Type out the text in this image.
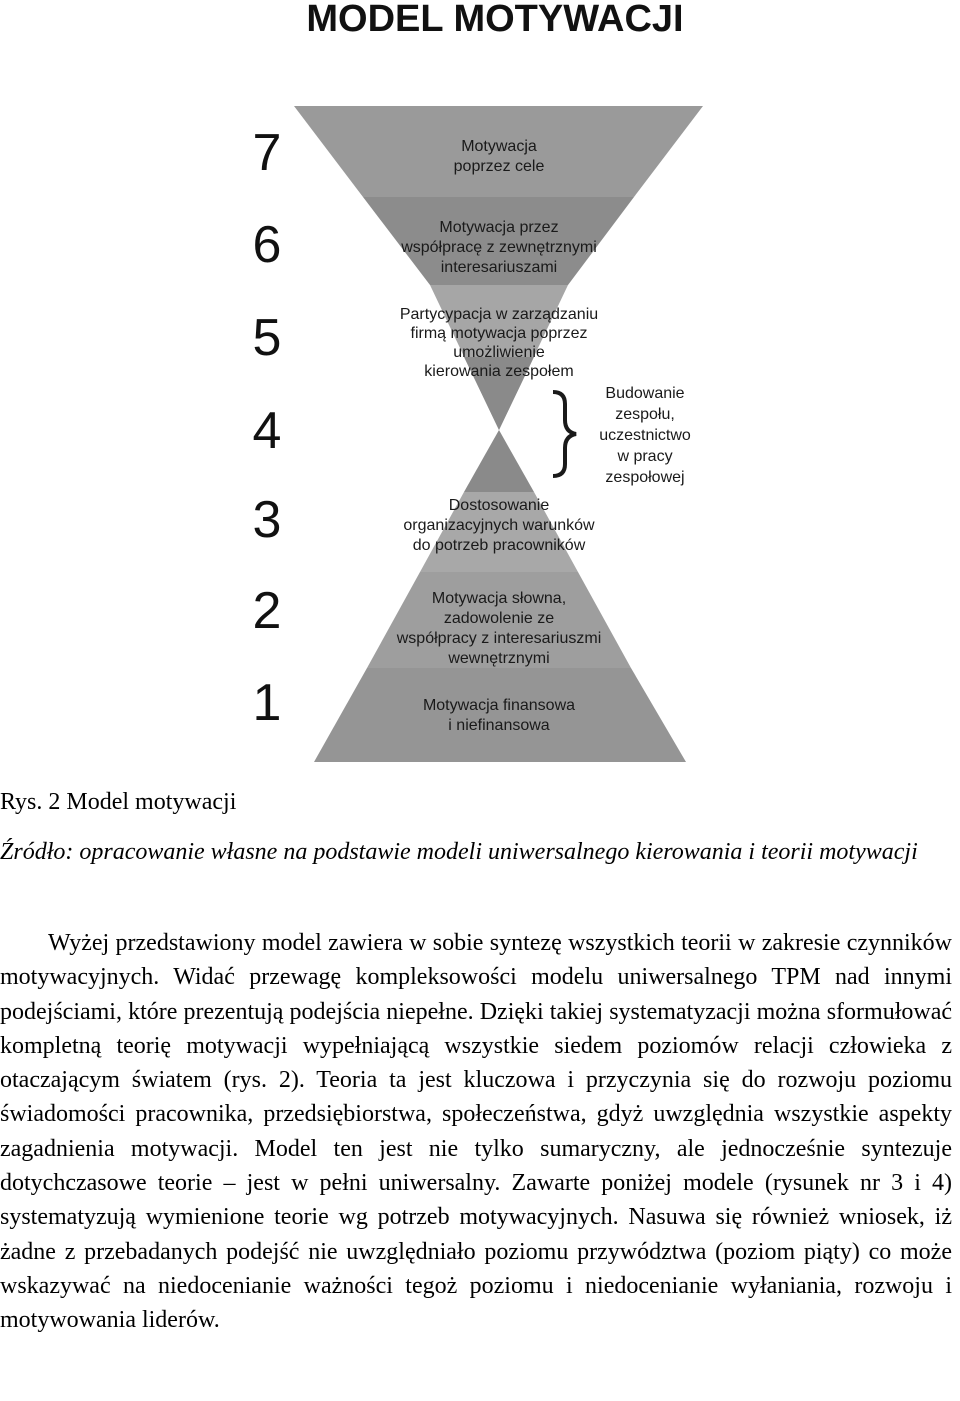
MODEL MOTYWACJI
7
6
5
4
3
2
1
Motywacja
poprzez cele
Motywacja przez
współpracę z zewnętrznymi
interesariuszami
Partycypacja w zarządzaniu
firmą motywacja poprzez
umożliwienie
kierowania zespołem
Dostosowanie
organizacyjnych warunków
do potrzeb pracowników
Motywacja słowna,
zadowolenie ze
współpracy z interesariuszmi
wewnętrznymi
Motywacja finansowa
i niefinansowa
Budowanie
zespołu,
uczestnictwo
w pracy
zespołowej
Rys. 2 Model motywacji
Źródło: opracowanie własne na podstawie modeli uniwersalnego kierowania i teorii motywacji

Wyżej przedstawiony model zawiera w sobie syntezę wszystkich teorii w zakresie czynników motywacyjnych. Widać przewagę kompleksowości modelu uniwersalnego TPM nad innymi podejściami, które prezentują podejścia niepełne. Dzięki takiej systematyzacji można sformułować kompletną teorię motywacji wypełniającą wszystkie siedem poziomów relacji człowieka z otaczającym światem (rys. 2). Teoria ta jest kluczowa i przyczynia się do rozwoju poziomu świadomości pracownika, przedsiębiorstwa, społeczeństwa, gdyż uwzględnia wszystkie aspekty zagadnienia motywacji. Model ten jest nie tylko sumaryczny, ale jednocześnie syntezuje dotychczasowe teorie – jest w pełni uniwersalny. Zawarte poniżej modele (rysunek nr 3 i 4) systematyzują wymienione teorie wg potrzeb motywacyjnych. Nasuwa się również wniosek, iż żadne z przebadanych podejść nie uwzględniało poziomu przywództwa (poziom piąty) co może wskazywać na niedocenianie ważności tegoż poziomu i niedocenianie wyłaniania, rozwoju i motywowania liderów.
